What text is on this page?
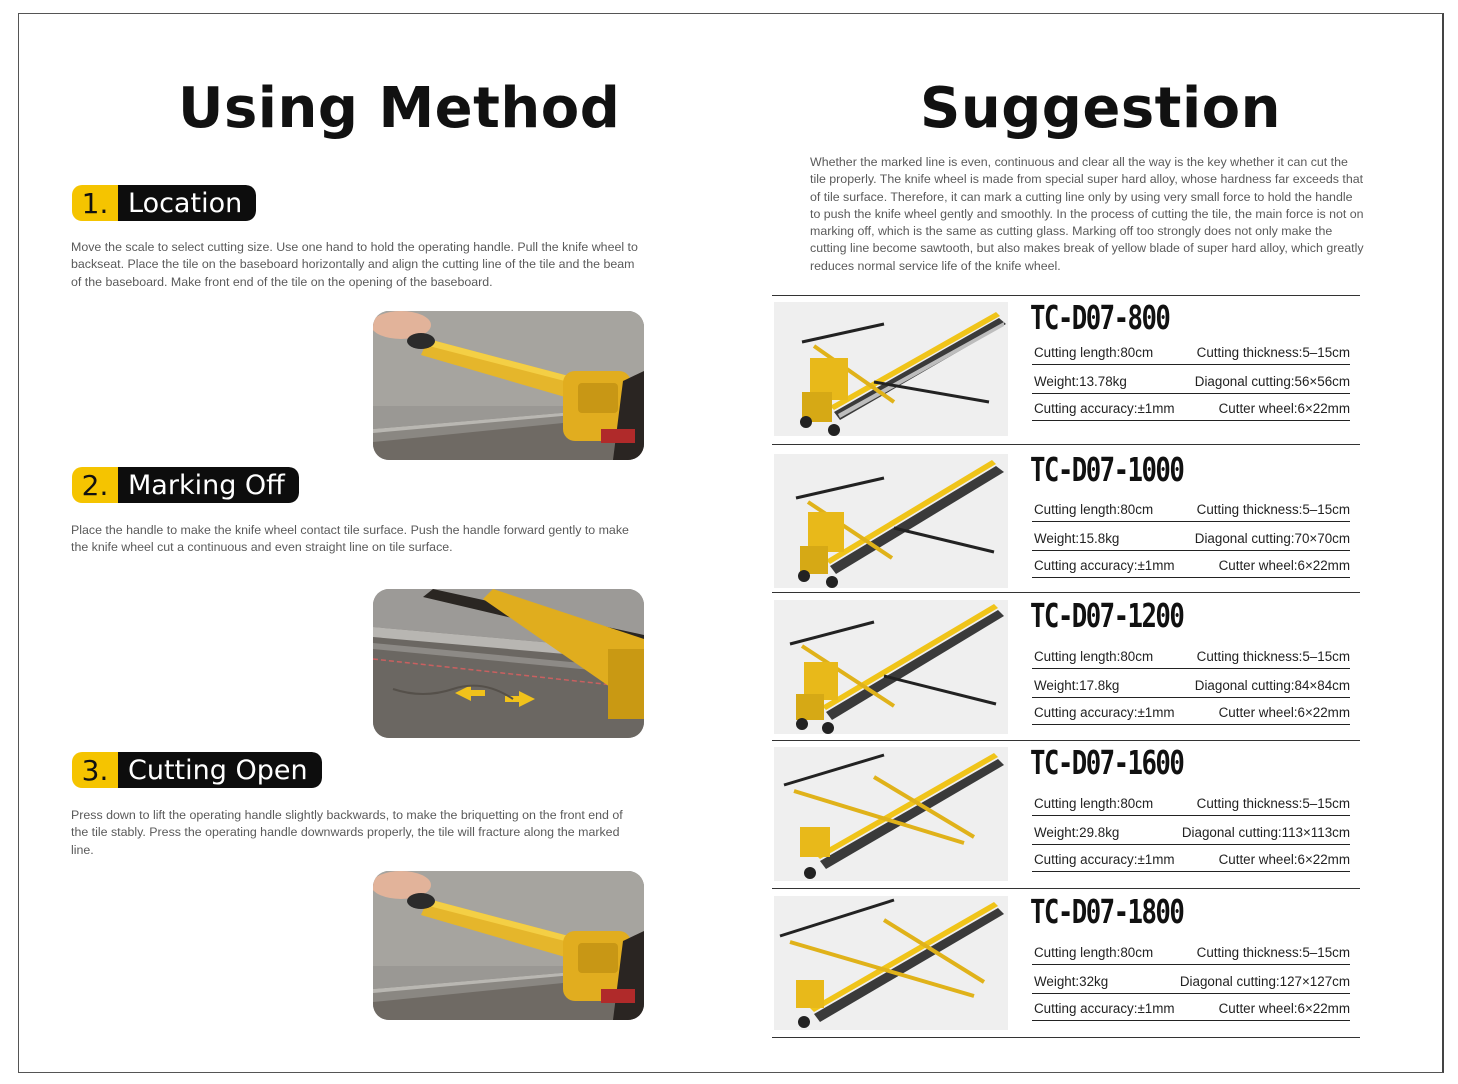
Using Method
1. Location

Move the scale to select cutting size. Use one hand to hold the operating handle. Pull the knife wheel to backseat. Place the tile on the baseboard horizontally and align the cutting line of the tile and the beam of the baseboard. Make front end of the tile on the opening of the baseboard.

2. Marking Off

Place the handle to make the knife wheel contact tile surface. Push the handle forward gently to make the knife wheel cut a continuous and even straight line on tile surface.

3. Cutting Open

Press down to lift the operating handle slightly backwards, to make the briquetting on the front end of the tile stably. Press the operating handle downwards properly, the tile will fracture along the marked line.

Suggestion

Whether the marked line is even, continuous and clear all the way is the key whether it can cut the tile properly. The knife wheel is made from special super hard alloy, whose hardness far exceeds that of tile surface. Therefore, it can mark a cutting line only by using very small force to hold the handle to push the knife wheel gently and smoothly. In the process of cutting the tile, the main force is not on marking off, which is the same as cutting glass. Marking off too strongly does not only make the cutting line become sawtooth, but also makes break of yellow blade of super hard alloy, which greatly reduces normal service life of the knife wheel.

TC-D07-800
Cutting length:80cm	Cutting thickness:5–15cm
Weight:13.78kg	Diagonal cutting:56×56cm
Cutting accuracy:±1mm	Cutter wheel:6×22mm
TC-D07-1000
Cutting length:80cm	Cutting thickness:5–15cm
Weight:15.8kg	Diagonal cutting:70×70cm
Cutting accuracy:±1mm	Cutter wheel:6×22mm
TC-D07-1200
Cutting length:80cm	Cutting thickness:5–15cm
Weight:17.8kg	Diagonal cutting:84×84cm
Cutting accuracy:±1mm	Cutter wheel:6×22mm
TC-D07-1600
Cutting length:80cm	Cutting thickness:5–15cm
Weight:29.8kg	Diagonal cutting:113×113cm
Cutting accuracy:±1mm	Cutter wheel:6×22mm
TC-D07-1800
Cutting length:80cm	Cutting thickness:5–15cm
Weight:32kg	Diagonal cutting:127×127cm
Cutting accuracy:±1mm	Cutter wheel:6×22mm
